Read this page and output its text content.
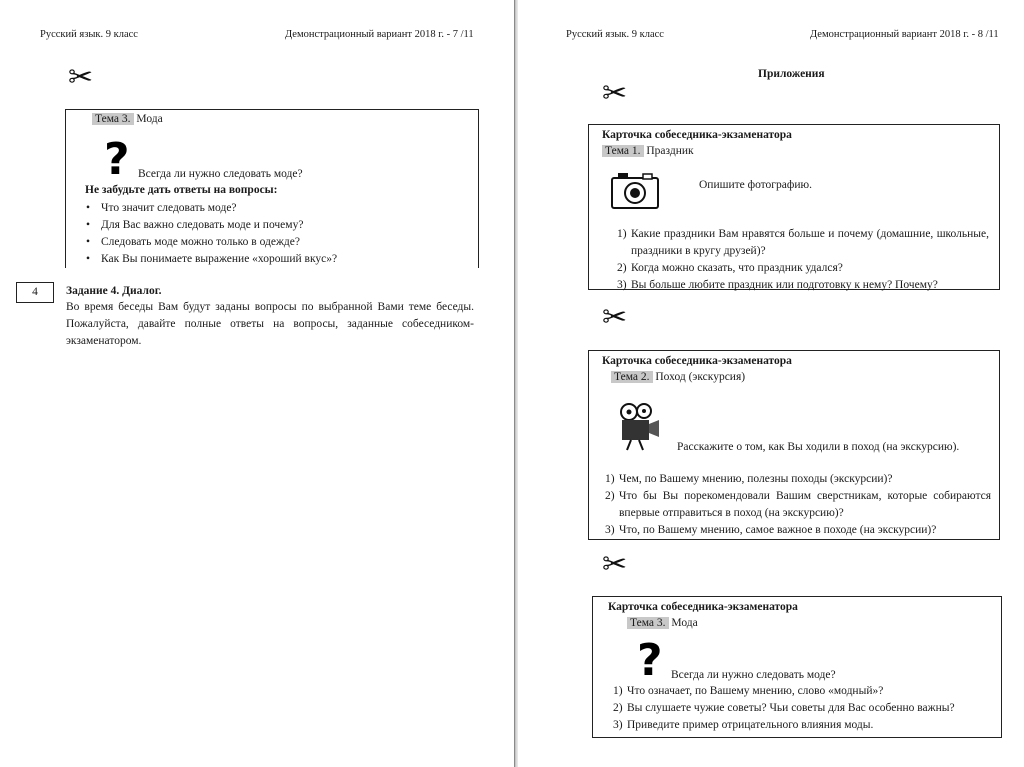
Русский язык. 9 класс	Демонстрационный вариант 2018 г. - 7 /11
✂
Тема 3. Мода
? Всегда ли нужно следовать моде?
Не забудьте дать ответы на вопросы:
• Что значит следовать моде?
• Для Вас важно следовать моде и почему?
• Следовать моде можно только в одежде?
• Как Вы понимаете выражение «хороший вкус»?
4	Задание 4. Диалог.
Во время беседы Вам будут заданы вопросы по выбранной Вами теме беседы. Пожалуйста, давайте полные ответы на вопросы, заданные собеседником-экзаменатором.
Русский язык. 9 класс	Демонстрационный вариант 2018 г. - 8 /11
Приложения
✂
Карточка собеседника-экзаменатора
Тема 1. Праздник
Опишите фотографию.
1) Какие праздники Вам нравятся больше и почему (домашние, школьные, праздники в кругу друзей)?
2) Когда можно сказать, что праздник удался?
3) Вы больше любите праздник или подготовку к нему? Почему?
✂
Карточка собеседника-экзаменатора
Тема 2. Поход (экскурсия)
Расскажите о том, как Вы ходили в поход (на экскурсию).
1) Чем, по Вашему мнению, полезны походы (экскурсии)?
2) Что бы Вы порекомендовали Вашим сверстникам, которые собираются впервые отправиться в поход (на экскурсию)?
3) Что, по Вашему мнению, самое важное в походе (на экскурсии)?
✂
Карточка собеседника-экзаменатора
Тема 3. Мода
? Всегда ли нужно следовать моде?
1) Что означает, по Вашему мнению, слово «модный»?
2) Вы слушаете чужие советы? Чьи советы для Вас особенно важны?
3) Приведите пример отрицательного влияния моды.
